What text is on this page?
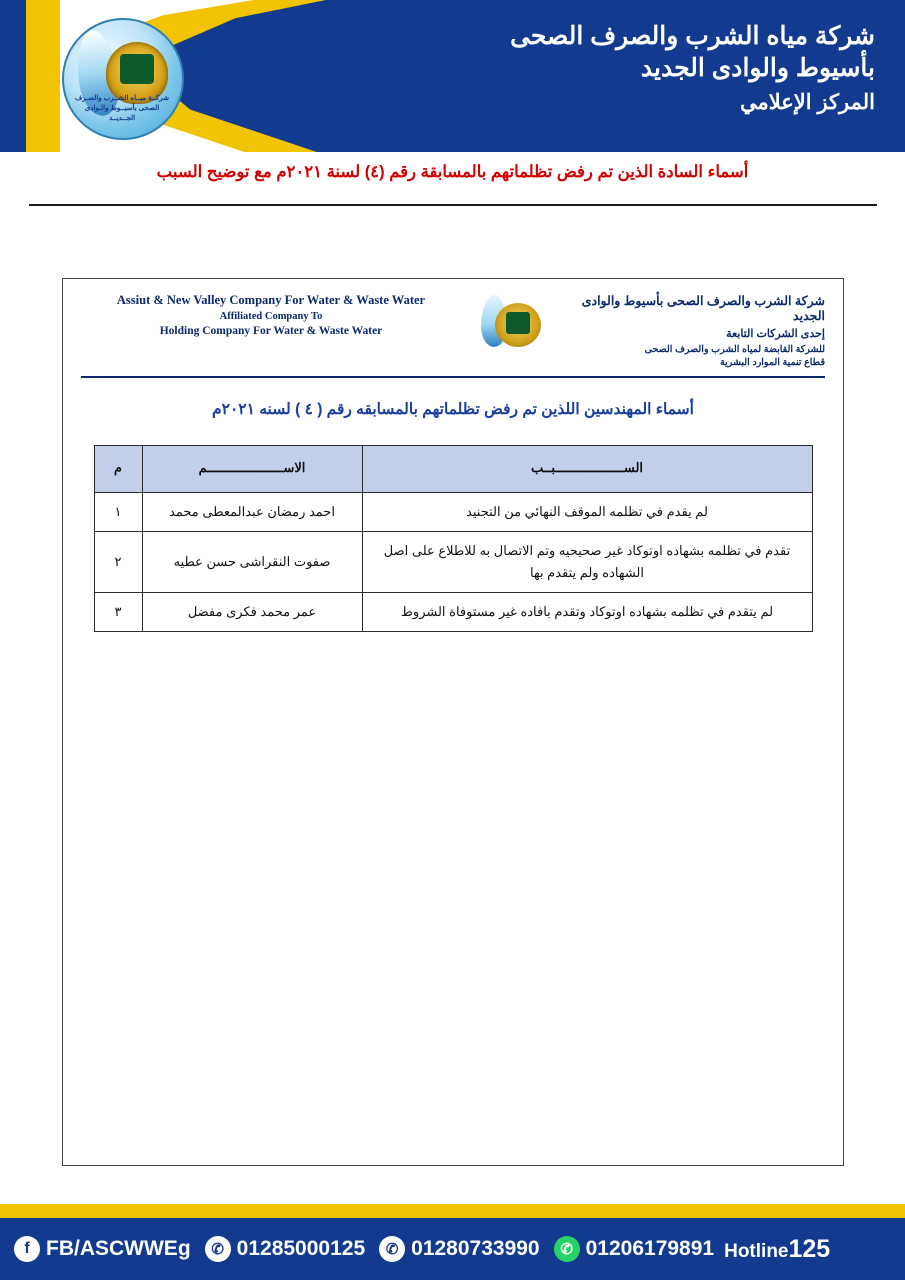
شركــة ميــاه الشــرب والصـرف الصحى بأسيــوط والـوادى الجــديــد
شركة مياه الشرب والصرف الصحى
بأسيوط والوادى الجديد
المركز الإعلامي
أسماء السادة الذين تم رفض تظلماتهم بالمسابقة رقم (٤) لسنة ٢٠٢١م مع توضيح السبب
Assiut & New Valley Company For Water & Waste Water
Affiliated Company To
Holding Company For Water & Waste Water
شركة الشرب والصرف الصحى بأسيوط والوادى الجديد
إحدى الشركات التابعة
للشركة القابضة لمياه الشرب والصرف الصحى
قطاع تنمية الموارد البشرية
أسماء المهندسين اللذين تم رفض تظلماتهم بالمسابقه رقم ( ٤ ) لسنه ٢٠٢١م
الســــــــــــــــــبــب	الاســــــــــــــــــــم	م
لم يقدم في تظلمه الموقف النهائي من التجنيد	احمد رمضان عبدالمعطى محمد	١
تقدم في تظلمه بشهاده اوتوكاد غير صحيحيه وتم الاتصال به للاطلاع على اصل الشهاده ولم يتقدم بها	صفوت النقراشى حسن عطيه	٢
لم يتقدم في تظلمه بشهاده اوتوكاد وتقدم بافاده غير مستوفاة الشروط	عمر محمد فكرى مفضل	٣
f FB/ASCWWEg	✆ 01285000125	✆ 01280733990	✆ 01206179891 Hotline125
